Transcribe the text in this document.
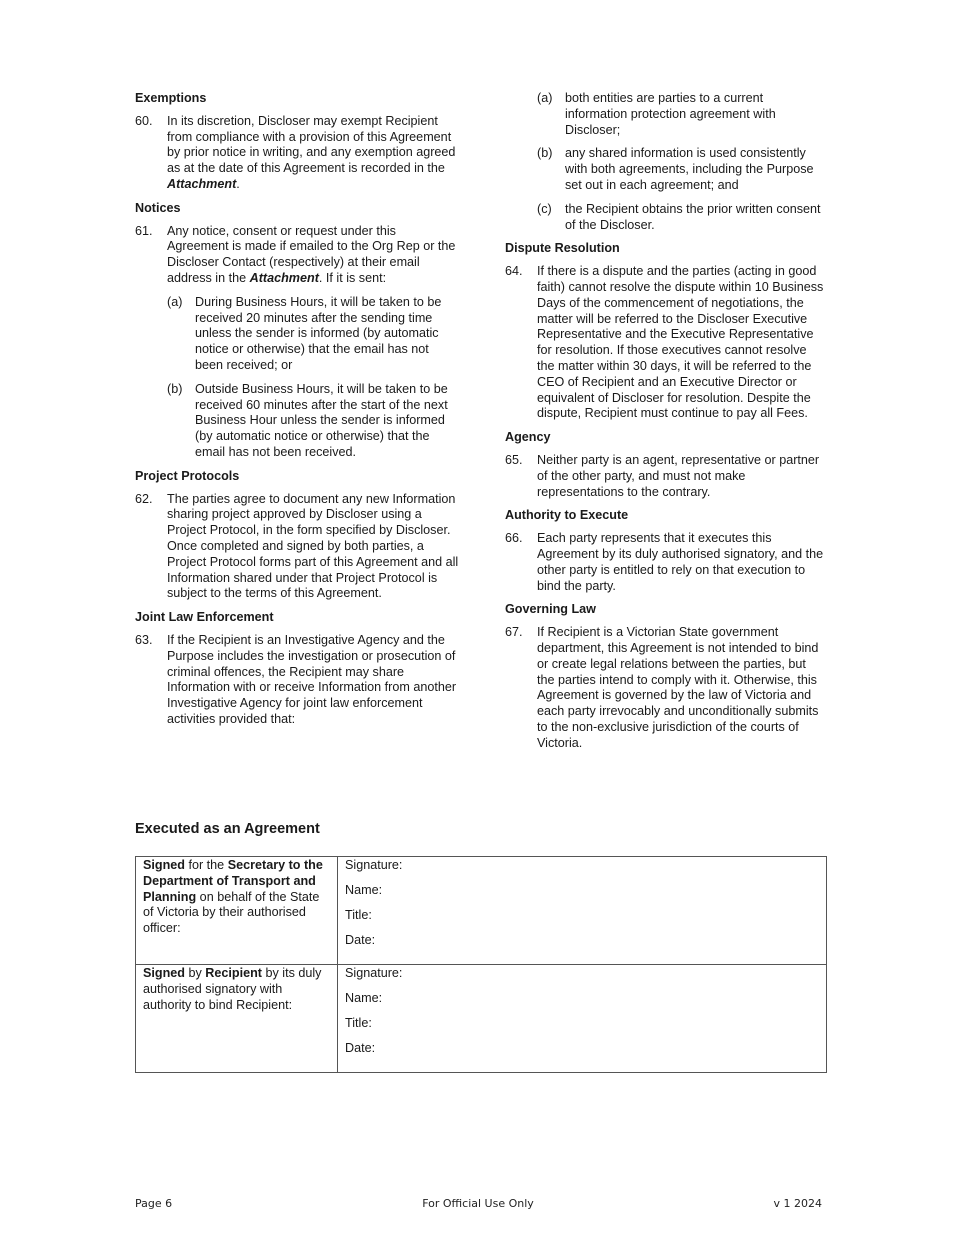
Exemptions
60.	In its discretion, Discloser may exempt Recipient from compliance with a provision of this Agreement by prior notice in writing, and any exemption agreed as at the date of this Agreement is recorded in the Attachment.
Notices
61.	Any notice, consent or request under this Agreement is made if emailed to the Org Rep or the Discloser Contact (respectively) at their email address in the Attachment. If it is sent:
(a) During Business Hours, it will be taken to be received 20 minutes after the sending time unless the sender is informed (by automatic notice or otherwise) that the email has not been received; or
(b) Outside Business Hours, it will be taken to be received 60 minutes after the start of the next Business Hour unless the sender is informed (by automatic notice or otherwise) that the email has not been received.
Project Protocols
62.	The parties agree to document any new Information sharing project approved by Discloser using a Project Protocol, in the form specified by Discloser. Once completed and signed by both parties, a Project Protocol forms part of this Agreement and all Information shared under that Project Protocol is subject to the terms of this Agreement.
Joint Law Enforcement
63.	If the Recipient is an Investigative Agency and the Purpose includes the investigation or prosecution of criminal offences, the Recipient may share Information with or receive Information from another Investigative Agency for joint law enforcement activities provided that:
(a) both entities are parties to a current information protection agreement with Discloser;
(b) any shared information is used consistently with both agreements, including the Purpose set out in each agreement; and
(c)	the Recipient obtains the prior written consent of the Discloser.
Dispute Resolution
64.	If there is a dispute and the parties (acting in good faith) cannot resolve the dispute within 10 Business Days of the commencement of negotiations, the matter will be referred to the Discloser Executive Representative and the Executive Representative for resolution. If those executives cannot resolve the matter within 30 days, it will be referred to the CEO of Recipient and an Executive Director or equivalent of Discloser for resolution. Despite the dispute, Recipient must continue to pay all Fees.
Agency
65.	Neither party is an agent, representative or partner of the other party, and must not make representations to the contrary.
Authority to Execute
66.	Each party represents that it executes this Agreement by its duly authorised signatory, and the other party is entitled to rely on that execution to bind the party.
Governing Law
67.	If Recipient is a Victorian State government department, this Agreement is not intended to bind or create legal relations between the parties, but the parties intend to comply with it. Otherwise, this Agreement is governed by the law of Victoria and each party irrevocably and unconditionally submits to the non-exclusive jurisdiction of the courts of Victoria.
Executed as an Agreement
Signed for the Secretary to the Department of Transport and Planning on behalf of the State of Victoria by their authorised officer:	Signature:
Name:
Title:
Date:

Signed by Recipient by its duly authorised signatory with authority to bind Recipient:	Signature:
Name:
Title:
Date:
Page 6	For Official Use Only	v 1 2024
